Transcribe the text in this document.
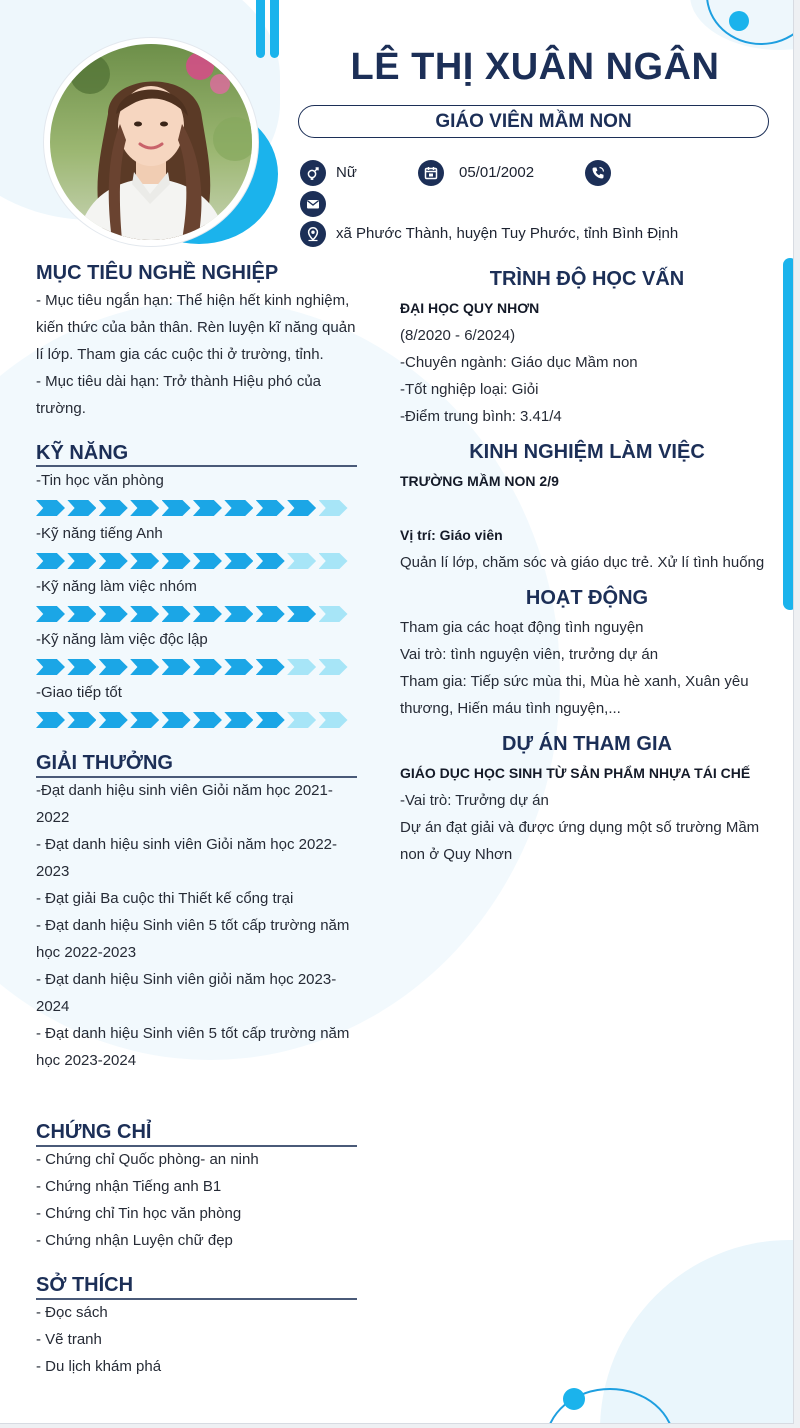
LÊ THỊ XUÂN NGÂN
GIÁO VIÊN MẦM NON
Nữ	05/01/2002
xã Phước Thành, huyện Tuy Phước, tỉnh Bình Định
MỤC TIÊU NGHỀ NGHIỆP
- Mục tiêu ngắn hạn: Thể hiện hết kinh nghiệm,
kiến thức của bản thân. Rèn luyện kĩ năng quản
lí lớp. Tham gia các cuộc thi ở trường, tỉnh.
- Mục tiêu dài hạn: Trở thành Hiệu phó của
trường.
KỸ NĂNG
-Tin học văn phòng
-Kỹ năng tiếng Anh
-Kỹ năng làm việc nhóm
-Kỹ năng làm việc độc lập
-Giao tiếp tốt
GIẢI THƯỞNG
-Đạt danh hiệu sinh viên Giỏi năm học 2021-
2022
- Đạt danh hiệu sinh viên Giỏi năm học 2022-
2023
- Đạt giải Ba cuộc thi Thiết kế cổng trại
- Đạt danh hiệu Sinh viên 5 tốt cấp trường năm
học 2022-2023
- Đạt danh hiệu Sinh viên giỏi năm học 2023-
2024
- Đạt danh hiệu Sinh viên 5 tốt cấp trường năm
học 2023-2024
CHỨNG CHỈ
- Chứng chỉ Quốc phòng- an ninh
- Chứng nhận Tiếng anh B1
- Chứng chỉ Tin học văn phòng
- Chứng nhận Luyện chữ đẹp
SỞ THÍCH
- Đọc sách
- Vẽ tranh
- Du lịch khám phá
TRÌNH ĐỘ HỌC VẤN
ĐẠI HỌC QUY NHƠN
(8/2020 - 6/2024)
-Chuyên ngành: Giáo dục Mầm non
-Tốt nghiệp loại: Giỏi
-Điểm trung bình: 3.41/4
KINH NGHIỆM LÀM VIỆC
TRƯỜNG MẦM NON 2/9

Vị trí: Giáo viên
Quản lí lớp, chăm sóc và giáo dục trẻ. Xử lí tình huống
HOẠT ĐỘNG
Tham gia các hoạt động tình nguyện
Vai trò: tình nguyện viên, trưởng dự án
Tham gia: Tiếp sức mùa thi, Mùa hè xanh, Xuân yêu
thương, Hiến máu tình nguyện,...
DỰ ÁN THAM GIA
GIÁO DỤC HỌC SINH TỪ SẢN PHẨM NHỰA TÁI CHẾ
-Vai trò: Trưởng dự án
Dự án đạt giải và được ứng dụng một số trường Mầm
non ở Quy Nhơn
